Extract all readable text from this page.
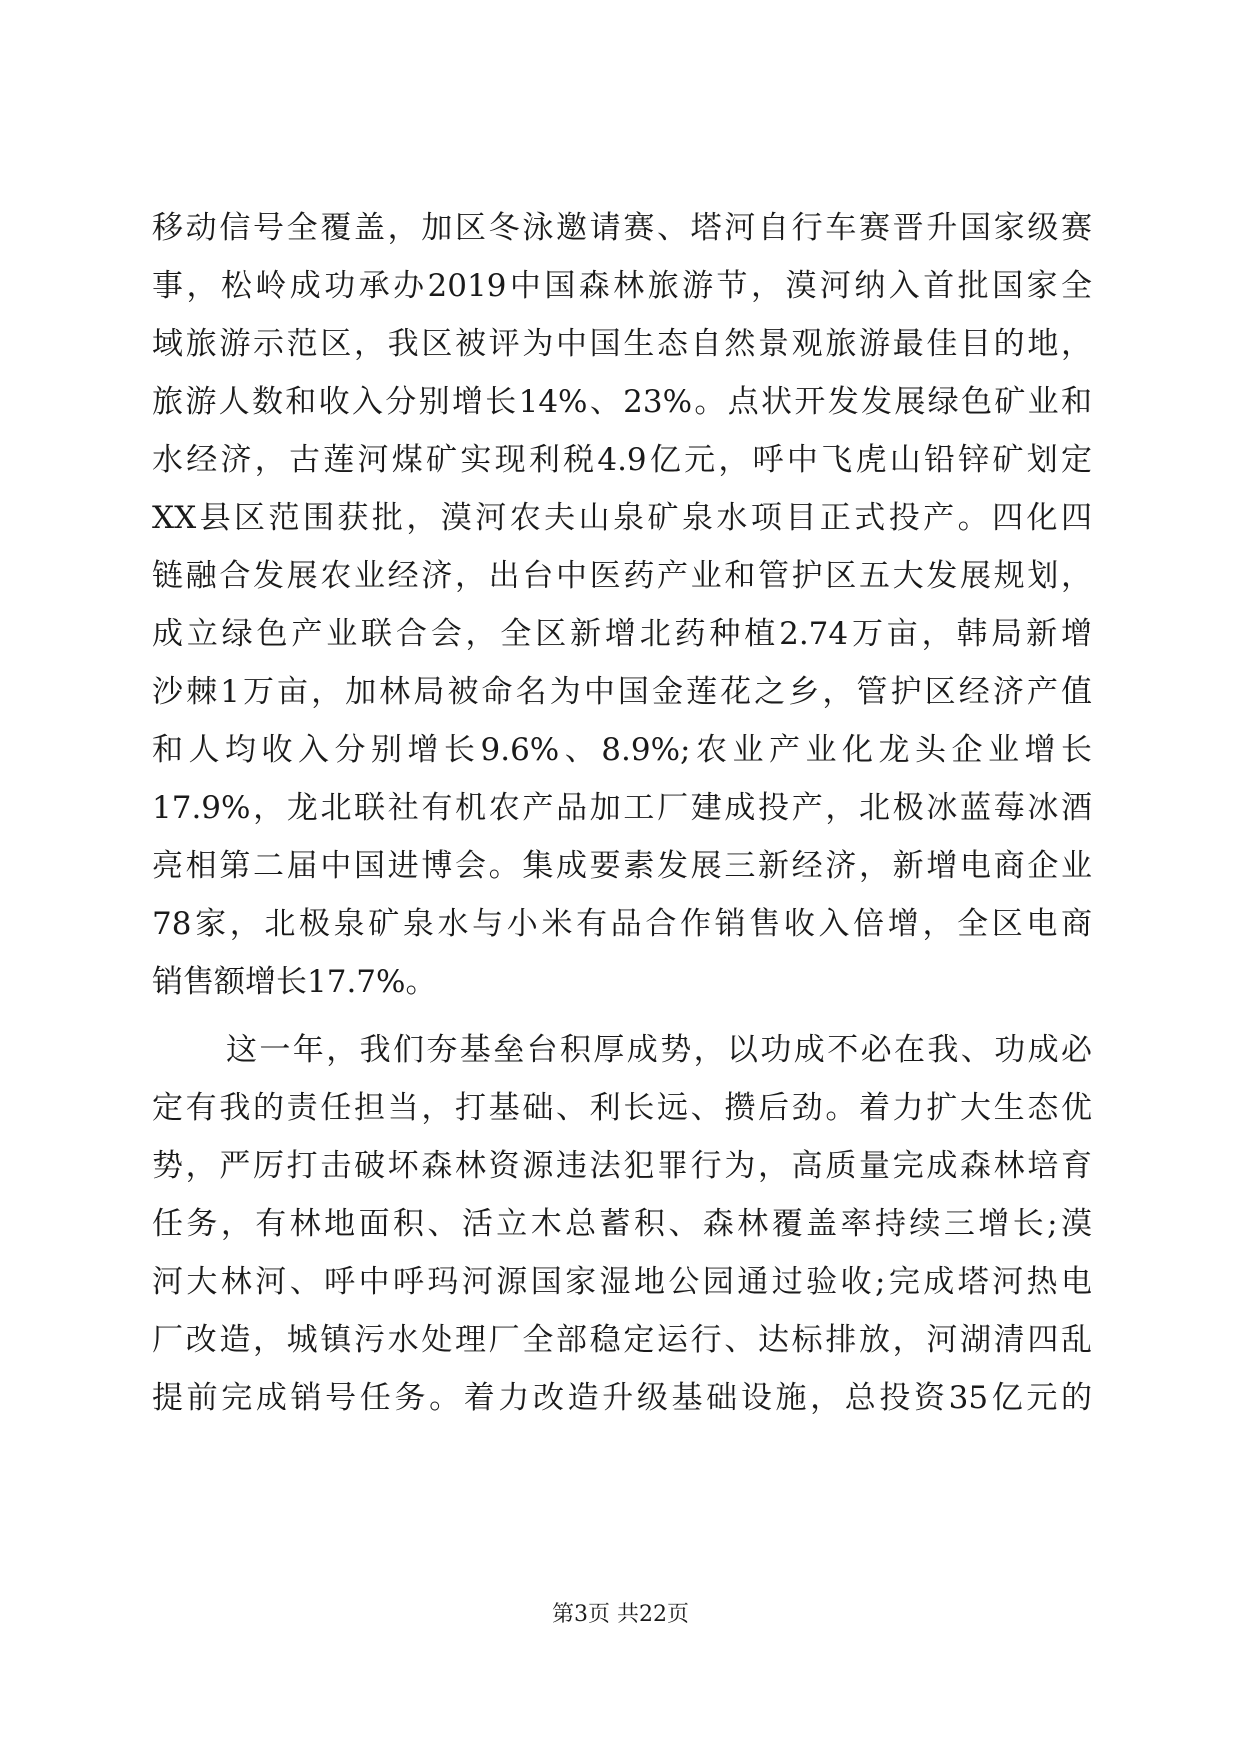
移动信号全覆盖，加区冬泳邀请赛、塔河自行车赛晋升国家级赛
事，松岭成功承办2019中国森林旅游节，漠河纳入首批国家全
域旅游示范区，我区被评为中国生态自然景观旅游最佳目的地，
旅游人数和收入分别增长14%、23%。点状开发发展绿色矿业和
水经济，古莲河煤矿实现利税4.9亿元，呼中飞虎山铅锌矿划定
XX县区范围获批，漠河农夫山泉矿泉水项目正式投产。四化四
链融合发展农业经济，出台中医药产业和管护区五大发展规划，
成立绿色产业联合会，全区新增北药种植2.74万亩，韩局新增
沙棘1万亩，加林局被命名为中国金莲花之乡，管护区经济产值
和人均收入分别增长9.6%、8.9%;农业产业化龙头企业增长
17.9%，龙北联社有机农产品加工厂建成投产，北极冰蓝莓冰酒
亮相第二届中国进博会。集成要素发展三新经济，新增电商企业
78家，北极泉矿泉水与小米有品合作销售收入倍增，全区电商
销售额增长17.7%。
这一年，我们夯基垒台积厚成势，以功成不必在我、功成必
定有我的责任担当，打基础、利长远、攒后劲。着力扩大生态优
势，严厉打击破坏森林资源违法犯罪行为，高质量完成森林培育
任务，有林地面积、活立木总蓄积、森林覆盖率持续三增长;漠
河大林河、呼中呼玛河源国家湿地公园通过验收;完成塔河热电
厂改造，城镇污水处理厂全部稳定运行、达标排放，河湖清四乱
提前完成销号任务。着力改造升级基础设施，总投资35亿元的
第3页 共22页
